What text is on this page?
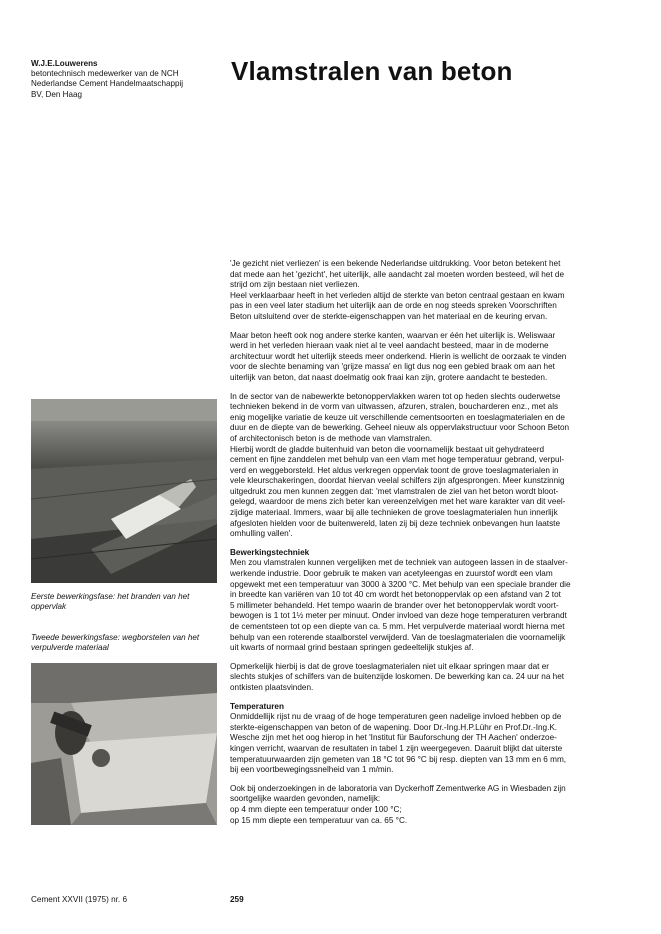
W.J.E.Louwerens
betontechnisch medewerker van de NCH
Nederlandse Cement Handelmaatschappij
BV, Den Haag
Vlamstralen van beton

'Je gezicht niet verliezen' is een bekende Nederlandse uitdrukking. Voor beton betekent het
dat mede aan het 'gezicht', het uiterlijk, alle aandacht zal moeten worden besteed, wil het de
strijd om zijn bestaan niet verliezen.
Heel verklaarbaar heeft in het verleden altijd de sterkte van beton centraal gestaan en kwam
pas in een veel later stadium het uiterlijk aan de orde en nog steeds spreken Voorschriften
Beton uitsluitend over de sterkte-eigenschappen van het materiaal en de keuring ervan.

Maar beton heeft ook nog andere sterke kanten, waarvan er één het uiterlijk is. Weliswaar
werd in het verleden hieraan vaak niet al te veel aandacht besteed, maar in de moderne
architectuur wordt het uiterlijk steeds meer onderkend. Hierin is wellicht de oorzaak te vinden
voor de slechte benaming van 'grijze massa' en ligt dus nog een gebied braak om aan het
uiterlijk van beton, dat naast doelmatig ook fraai kan zijn, grotere aandacht te besteden.

In de sector van de nabewerkte betonoppervlakken waren tot op heden slechts ouderwetse
technieken bekend in de vorm van uitwassen, afzuren, stralen, boucharderen enz., met als
enig mogelijke variatie de keuze uit verschillende cementsoorten en toeslagmaterialen en de
duur en de diepte van de bewerking. Geheel nieuw als oppervlakstructuur voor Schoon Beton
of architectonisch beton is de methode van vlamstralen.
Hierbij wordt de gladde buitenhuid van beton die voornamelijk bestaat uit gehydrateerd
cement en fijne zanddelen met behulp van een vlam met hoge temperatuur gebrand, verpul-
verd en weggeborsteld. Het aldus verkregen oppervlak toont de grove toeslagmaterialen in
vele kleurschakeringen, doordat hiervan veelal schilfers zijn afgesprongen. Meer kunstzinnig
uitgedrukt zou men kunnen zeggen dat: 'met vlamstralen de ziel van het beton wordt bloot-
gelegd, waardoor de mens zich beter kan vereenzelvigen met het ware karakter van dit veel-
zijdige materiaal. Immers, waar bij alle technieken de grove toeslagmaterialen hun innerlijk
afgesloten hielden voor de buitenwereld, laten zij bij deze techniek onbevangen hun laatste
omhulling vallen'.

Bewerkingstechniek
Men zou vlamstralen kunnen vergelijken met de techniek van autogeen lassen in de staalver-
werkende industrie. Door gebruik te maken van acetyleengas en zuurstof wordt een vlam
opgewekt met een temperatuur van 3000 à 3200 °C. Met behulp van een speciale brander die
in breedte kan variëren van 10 tot 40 cm wordt het betonoppervlak op een afstand van 2 tot
5 millimeter behandeld. Het tempo waarin de brander over het betonoppervlak wordt voort-
bewogen is 1 tot 1½ meter per minuut. Onder invloed van deze hoge temperaturen verbrandt
de cementsteen tot op een diepte van ca. 5 mm. Het verpulverde materiaal wordt hierna met
behulp van een roterende staalborstel verwijderd. Van de toeslagmaterialen die voornamelijk
uit kwarts of normaal grind bestaan springen gedeeltelijk stukjes af.

Opmerkelijk hierbij is dat de grove toeslagmaterialen niet uit elkaar springen maar dat er
slechts stukjes of schilfers van de buitenzijde loskomen. De bewerking kan ca. 24 uur na het
ontkisten plaatsvinden.

Temperaturen
Onmiddellijk rijst nu de vraag of de hoge temperaturen geen nadelige invloed hebben op de
sterkte-eigenschappen van beton of de wapening. Door Dr.-Ing.H.P.Lühr en Prof.Dr.-Ing.K.
Wesche zijn met het oog hierop in het 'Institut für Bauforschung der TH Aachen' onderzoe-
kingen verricht, waarvan de resultaten in tabel 1 zijn weergegeven. Daaruit blijkt dat uiterste
temperatuurwaarden zijn gemeten van 18 °C tot 96 °C bij resp. diepten van 13 mm en 6 mm,
bij een voortbewegingssnelheid van 1 m/min.

Ook bij onderzoekingen in de laboratoria van Dyckerhoff Zementwerke AG in Wiesbaden zijn
soortgelijke waarden gevonden, namelijk:
op 4 mm diepte een temperatuur onder 100 °C;
op 15 mm diepte een temperatuur van ca. 65 °C.

Eerste bewerkingsfase: het branden van het oppervlak
Tweede bewerkingsfase: wegborstelen van het verpulverde materiaal
Cement XXVII (1975) nr. 6	259
